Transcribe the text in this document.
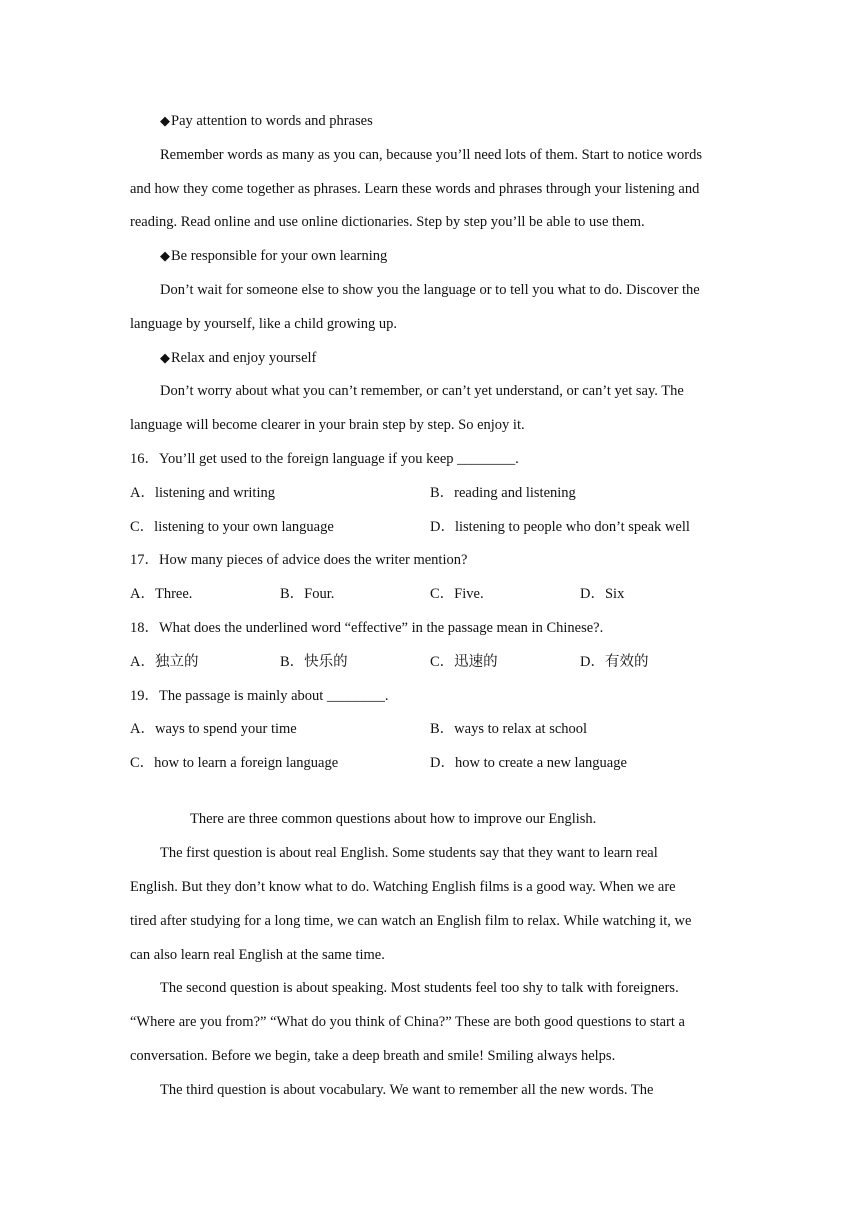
◆Pay attention to words and phrases
Remember words as many as you can, because you’ll need lots of them. Start to notice words
and how they come together as phrases. Learn these words and phrases through your listening and
reading. Read online and use online dictionaries. Step by step you’ll be able to use them.
◆Be responsible for your own learning
Don’t wait for someone else to show you the language or to tell you what to do. Discover the
language by yourself, like a child growing up.
◆Relax and enjoy yourself
Don’t worry about what you can’t remember, or can’t yet understand, or can’t yet say. The
language will become clearer in your brain step by step. So enjoy it.
16．You’ll get used to the foreign language if you keep ________.
A．listening and writing	B．reading and listening
C．listening to your own language	D．listening to people who don’t speak well
17．How many pieces of advice does the writer mention?
A．Three.	B．Four.	C．Five.	D．Six
18．What does the underlined word “effective” in the passage mean in Chinese?.
A．独立的	B．快乐的	C．迅速的	D．有效的
19．The passage is mainly about ________.
A．ways to spend your time	B．ways to relax at school
C．how to learn a foreign language	D．how to create a new language
There are three common questions about how to improve our English.
The first question is about real English. Some students say that they want to learn real
English. But they don’t know what to do. Watching English films is a good way. When we are
tired after studying for a long time, we can watch an English film to relax. While watching it, we
can also learn real English at the same time.
The second question is about speaking. Most students feel too shy to talk with foreigners.
“Where are you from?” “What do you think of China?” These are both good questions to start a
conversation. Before we begin, take a deep breath and smile! Smiling always helps.
The third question is about vocabulary. We want to remember all the new words. The
